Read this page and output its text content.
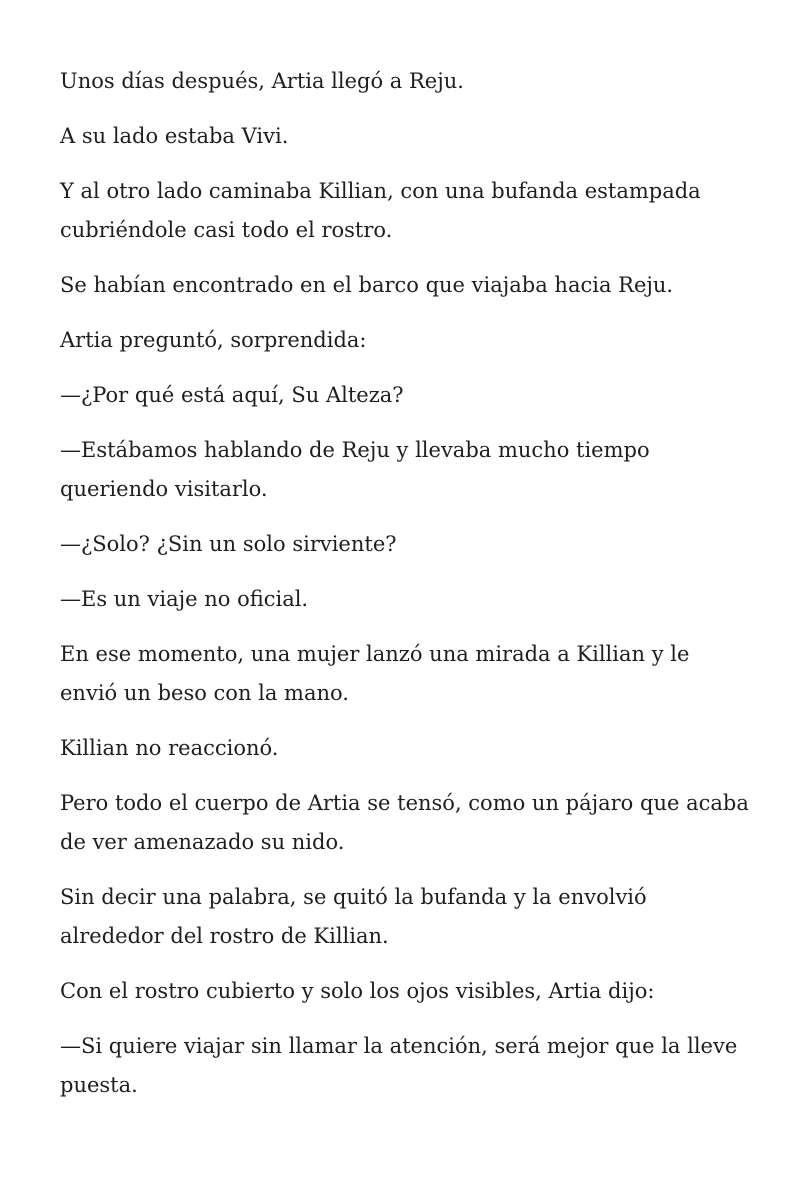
Unos días después, Artia llegó a Reju.

A su lado estaba Vivi.

Y al otro lado caminaba Killian, con una bufanda estampada cubriéndole casi todo el rostro.

Se habían encontrado en el barco que viajaba hacia Reju.

Artia preguntó, sorprendida:

—¿Por qué está aquí, Su Alteza?

—Estábamos hablando de Reju y llevaba mucho tiempo queriendo visitarlo.

—¿Solo? ¿Sin un solo sirviente?

—Es un viaje no oficial.

En ese momento, una mujer lanzó una mirada a Killian y le envió un beso con la mano.

Killian no reaccionó.

Pero todo el cuerpo de Artia se tensó, como un pájaro que acaba de ver amenazado su nido.

Sin decir una palabra, se quitó la bufanda y la envolvió alrededor del rostro de Killian.

Con el rostro cubierto y solo los ojos visibles, Artia dijo:

—Si quiere viajar sin llamar la atención, será mejor que la lleve puesta.
